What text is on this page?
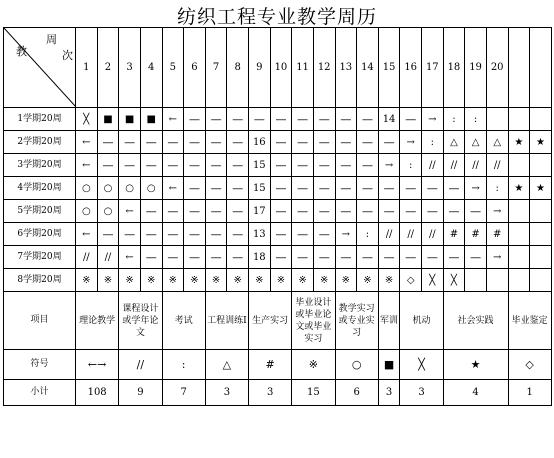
纺织工程专业教学周历
周
次
教	1	2	3	4	5	6	7	8	9	10	11	12	13	14	15	16	17	18	19	20		
1学期20周	╳	■	■	■	←	—	—	—	—	—	—	—	—	—	14	—	→	:	:			
2学期20周	←	—	—	—	—	—	—	—	16	—	—	—	—	—	—	→	:	△	△	△	★	★
3学期20周	←	—	—	—	—	—	—	—	15	—	—	—	—	—	→	:	//	//	//	//		
4学期20周	○	○	○	○	←	—	—	—	15	—	—	—	—	—	—	—	—	—	→	:	★	★
5学期20周	○	○	←	—	—	—	—	—	17	—	—	—	—	—	—	—	—	—	—	→		
6学期20周	←	—	—	—	—	—	—	—	13	—	—	—	→	:	//	//	//	#	#	#		
7学期20周	//	//	←	—	—	—	—	—	18	—	—	—	—	—	—	—	—	—	—	→		
8学期20周	※	※	※	※	※	※	※	※	※	※	※	※	※	※	※	◇	╳	╳				
项目	理论教学		课程设计或学年论文		考试		工程训练Ⅰ		生产实习		毕业设计或毕业论文或毕业实习		教学实习或专业实习		军训	机动		社会实践			毕业鉴定	
符号	←→		//		:		△		#		※		○		■	╳		★			◇	
小计	108		9		7		3		3		15		6		3	3		4			1	
